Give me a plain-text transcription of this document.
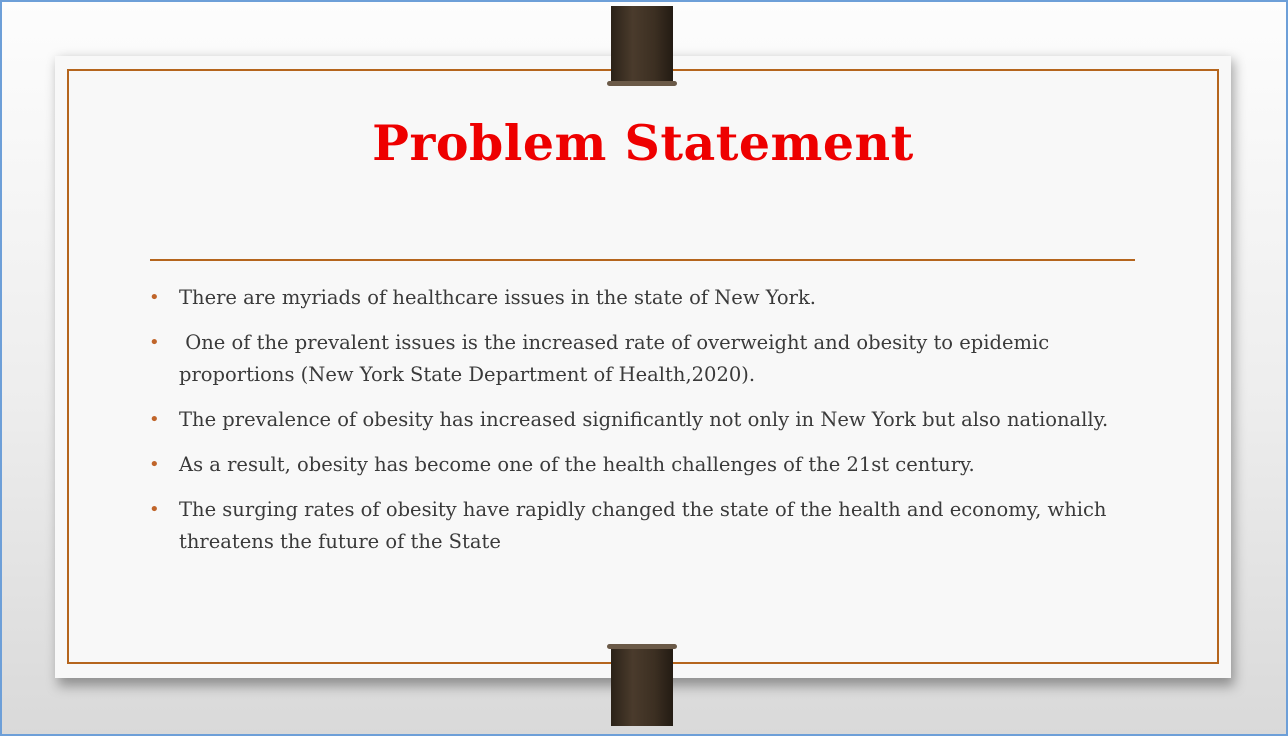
Problem Statement
• There are myriads of healthcare issues in the state of New York.
• One of the prevalent issues is the increased rate of overweight and obesity to epidemic proportions (New York State Department of Health,2020).
• The prevalence of obesity has increased significantly not only in New York but also nationally.
• As a result, obesity has become one of the health challenges of the 21st century.
• The surging rates of obesity have rapidly changed the state of the health and economy, which threatens the future of the State
